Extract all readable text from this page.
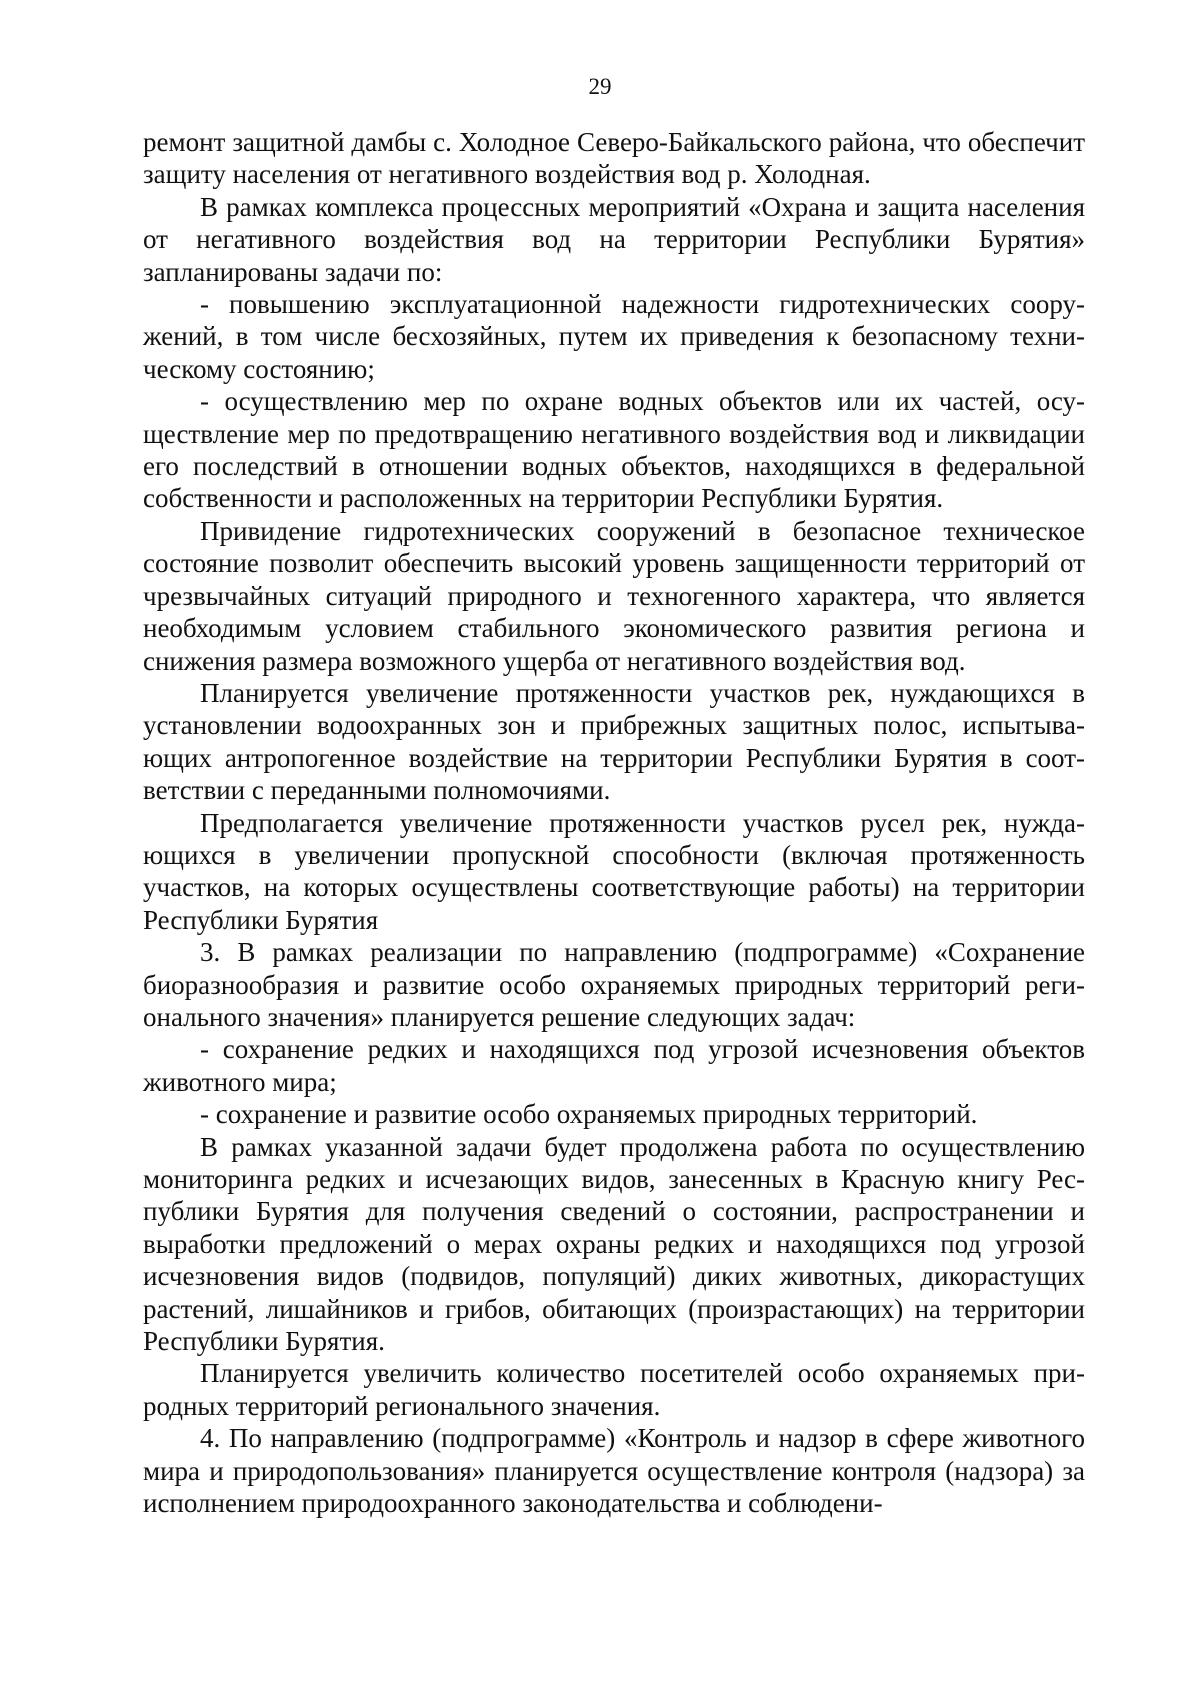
29

ремонт защитной дамбы с. Холодное Северо-Байкальского района, что обеспечит защиту населения от негативного воздействия вод р. Холодная.

В рамках комплекса процессных мероприятий «Охрана и защита населения от негативного воздействия вод на территории Республики Бурятия» запланированы задачи по:

- повышению эксплуатационной надежности гидротехнических сооружений, в том числе бесхозяйных, путем их приведения к безопасному техническому состоянию;

- осуществлению мер по охране водных объектов или их частей, осуществление мер по предотвращению негативного воздействия вод и ликвидации его последствий в отношении водных объектов, находящихся в федеральной собственности и расположенных на территории Республики Бурятия.

Привидение гидротехнических сооружений в безопасное техническое состояние позволит обеспечить высокий уровень защищенности территорий от чрезвычайных ситуаций природного и техногенного характера, что является необходимым условием стабильного экономического развития региона и снижения размера возможного ущерба от негативного воздействия вод.

Планируется увеличение протяженности участков рек, нуждающихся в установлении водоохранных зон и прибрежных защитных полос, испытывающих антропогенное воздействие на территории Республики Бурятия в соответствии с переданными полномочиями.

Предполагается увеличение протяженности участков русел рек, нуждающихся в увеличении пропускной способности (включая протяженность участков, на которых осуществлены соответствующие работы) на территории Республики Бурятия

3. В рамках реализации по направлению (подпрограмме) «Сохранение биоразнообразия и развитие особо охраняемых природных территорий регионального значения» планируется решение следующих задач:

- сохранение редких и находящихся под угрозой исчезновения объектов животного мира;

- сохранение и развитие особо охраняемых природных территорий.

В рамках указанной задачи будет продолжена работа по осуществлению мониторинга редких и исчезающих видов, занесенных в Красную книгу Республики Бурятия для получения сведений о состоянии, распространении и выработки предложений о мерах охраны редких и находящихся под угрозой исчезновения видов (подвидов, популяций) диких животных, дикорастущих растений, лишайников и грибов, обитающих (произрастающих) на территории Республики Бурятия.

Планируется увеличить количество посетителей особо охраняемых природных территорий регионального значения.

4. По направлению (подпрограмме) «Контроль и надзор в сфере животного мира и природопользования» планируется осуществление контроля (надзора) за исполнением природоохранного законодательства и соблюдени-
